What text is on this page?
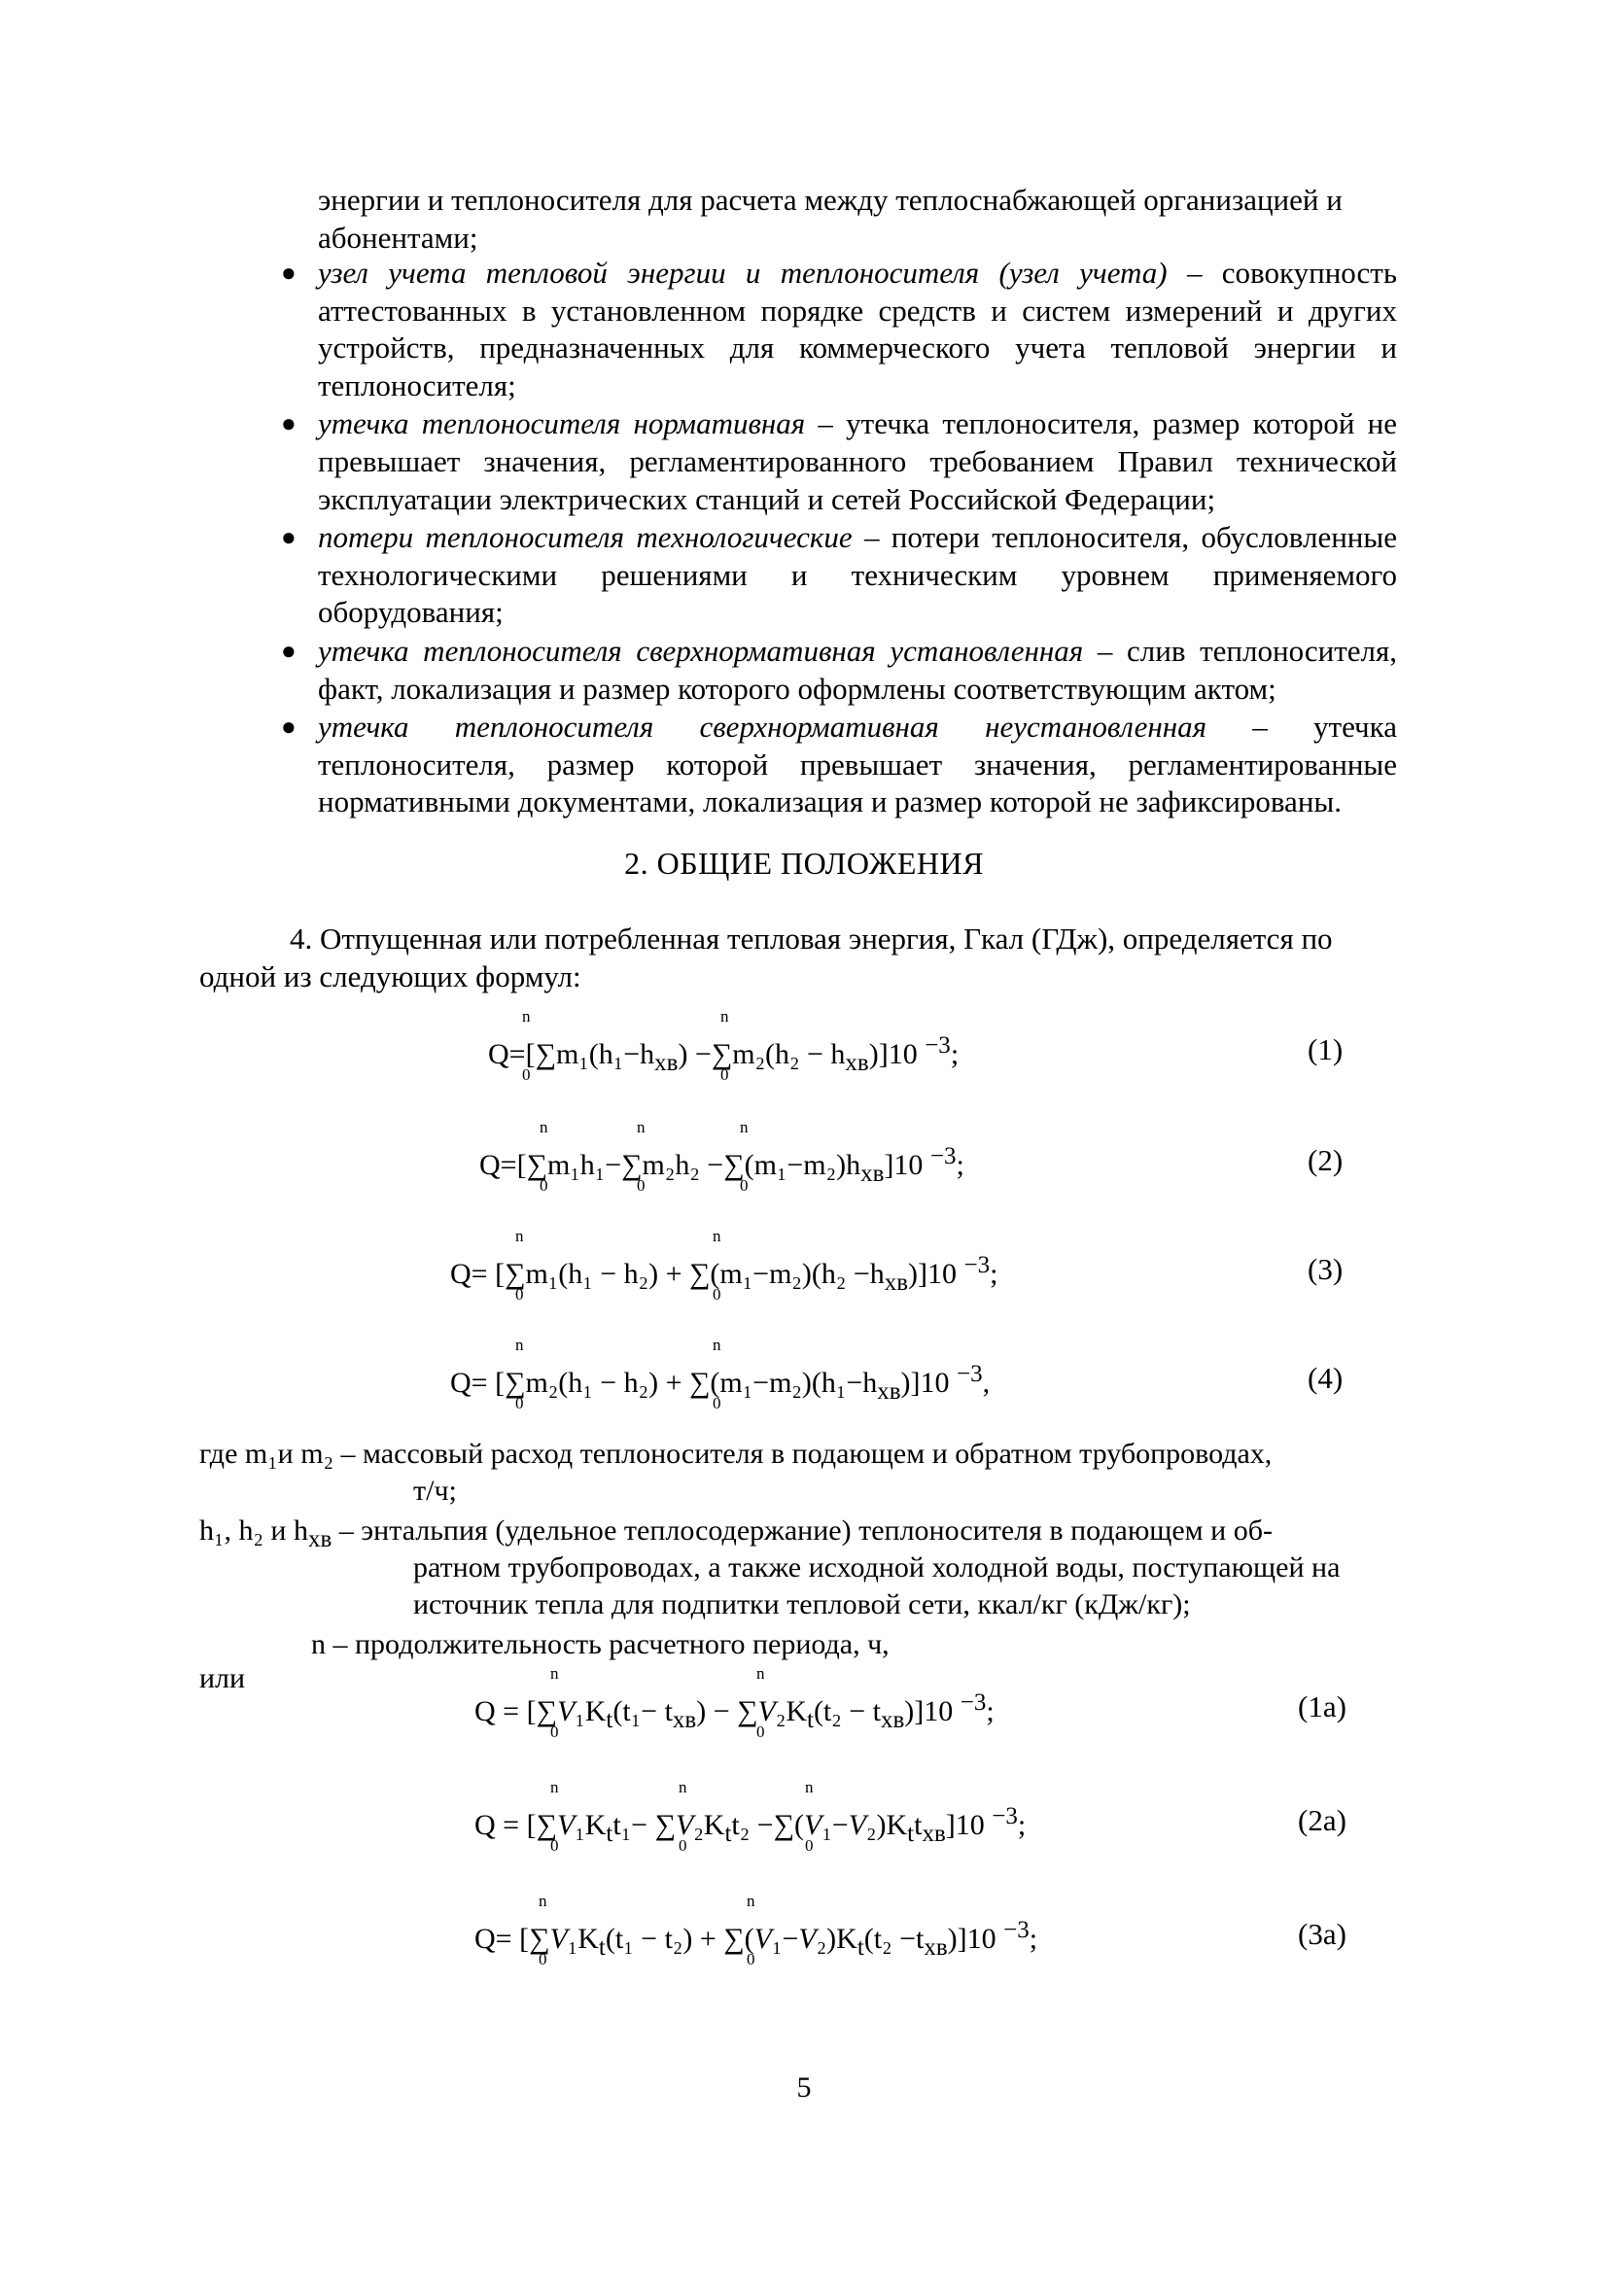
энергии и теплоносителя для расчета между теплоснабжающей организацией и абонентами;
● узел учета тепловой энергии и теплоносителя (узел учета) – совокупность аттестованных в установленном порядке средств и систем измерений и других устройств, предназначенных для коммерческого учета тепловой энергии и теплоносителя;
● утечка теплоносителя нормативная – утечка теплоносителя, размер которой не превышает значения, регламентированного требованием Правил технической эксплуатации электрических станций и сетей Российской Федерации;
● потери теплоносителя технологические – потери теплоносителя, обусловленные технологическими решениями и техническим уровнем применяемого оборудования;
● утечка теплоносителя сверхнормативная установленная – слив теплоносителя, факт, локализация и размер которого оформлены соответствующим актом;
● утечка теплоносителя сверхнормативная неустановленная – утечка теплоносителя, размер которой превышает значения, регламентированные нормативными документами, локализация и размер которой не зафиксированы.
2. ОБЩИЕ ПОЛОЖЕНИЯ
4. Отпущенная или потребленная тепловая энергия, Гкал (ГДж), определяется по одной из следующих формул:
$Q=[\sum m_1(h_1-h_{xв}) -\sum m_2(h_2 - h_{xв})]10$ $^{-3}$;
n
0
n
0
(1)
$Q=[\sum m_1h_1-\sum m_2h_2 -\sum(m_1-m_2)h_{xв}]10$ $^{-3}$;
n
0
n
0
n
0
(2)
$Q= [\sum m_1(h_1 - h_2) + \sum(m_1-m_2)(h_2 -h_{xв})]10$ $^{-3}$;
n
0
n
0
(3)
$Q= [\sum m_2(h_1 - h_2) + \sum(m_1-m_2)(h_1-h_{xв})]10$ $^{-3}$,
n
0
n
0
(4)
где m₁и m₂ – массовый расход теплоносителя в подающем и обратном трубопроводах,
т/ч;
h₁, h₂ и $h_{xв}$ – энтальпия (удельное теплосодержание) теплоносителя в подающем и об-
ратном трубопроводах, а также исходной холодной воды, поступающей на
источник тепла для подпитки тепловой сети, ккал/кг (кДж/кг);
n – продолжительность расчетного периода, ч,
или
$Q = [\sum V_1K_t(t_1- t_{xв}) - \sum V_2K_t(t_2 - t_{xв})]10$ $^{-3}$;
n
0
n
0
(1a)
$Q = [\sum V_1K_tt_1- \sum V_2K_tt_2 -\sum(V_1-V_2)K_tt_{xв}]10$ $^{-3}$;
n
0
n
0
n
0
(2a)
$Q= [\sum V_1K_t(t_1 - t_2) + \sum(V_1-V_2)K_t(t_2 -t_{xв})]10$ $^{-3}$;
n
0
n
0
(3a)
5
